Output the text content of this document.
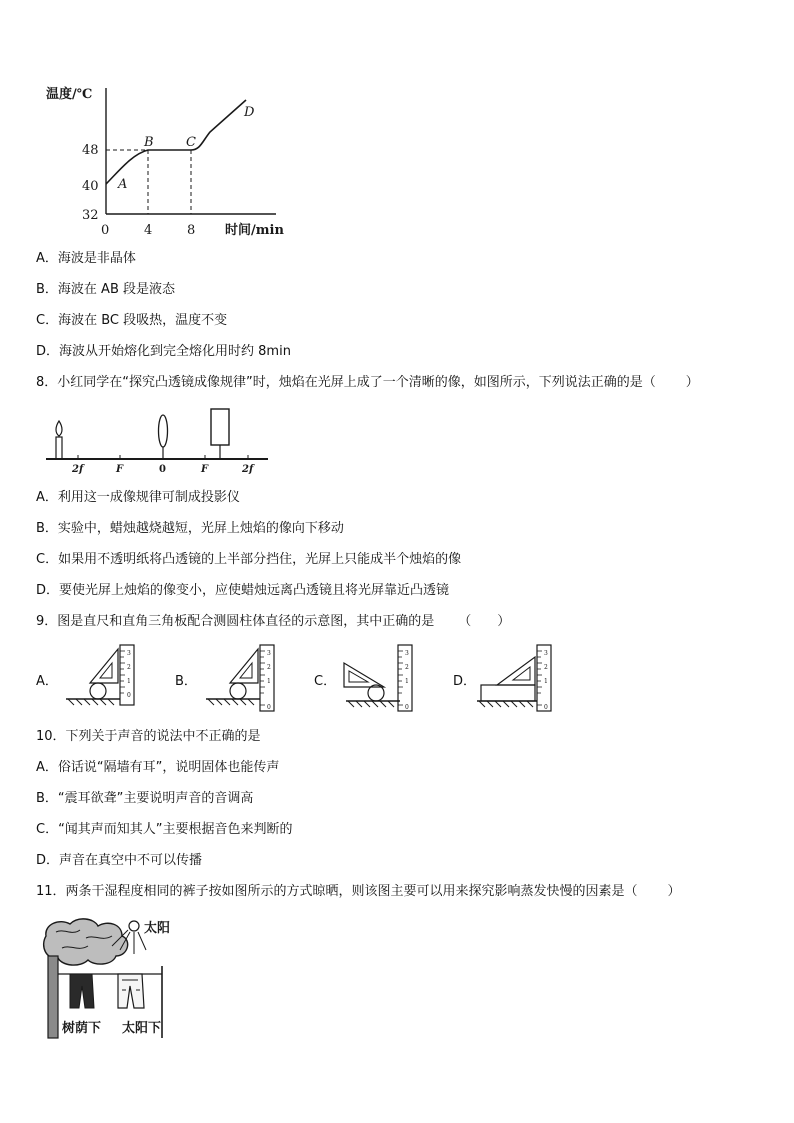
温度/℃
时间/min
32
40
48
0	4	8
A
B C
D
A．海波是非晶体
B．海波在 AB 段是液态
C．海波在 BC 段吸热，温度不变
D．海波从开始熔化到完全熔化用时约 8min
8．小红同学在“探究凸透镜成像规律”时，烛焰在光屏上成了一个清晰的像，如图所示，下列说法正确的是（ ）
2f	F	0	F	2f
A．利用这一成像规律可制成投影仪
B．实验中，蜡烛越烧越短，光屏上烛焰的像向下移动
C．如果用不透明纸将凸透镜的上半部分挡住，光屏上只能成半个烛焰的像
D．要使光屏上烛焰的像变小，应使蜡烛远离凸透镜且将光屏靠近凸透镜
9．图是直尺和直角三角板配合测圆柱体直径的示意图，其中正确的是 （　　）
A．	B．	C．	D．
3
2
1
0
3
2
1
0
3
2
1
0
3
2
1
0
10．下列关于声音的说法中不正确的是
A．俗话说“隔墙有耳”，说明固体也能传声
B．“震耳欲聋”主要说明声音的音调高
C．“闻其声而知其人”主要根据音色来判断的
D．声音在真空中不可以传播
11．两条干湿程度相同的裤子按如图所示的方式晾晒，则该图主要可以用来探究影响蒸发快慢的因素是（ ）
太阳
树荫下 太阳下
